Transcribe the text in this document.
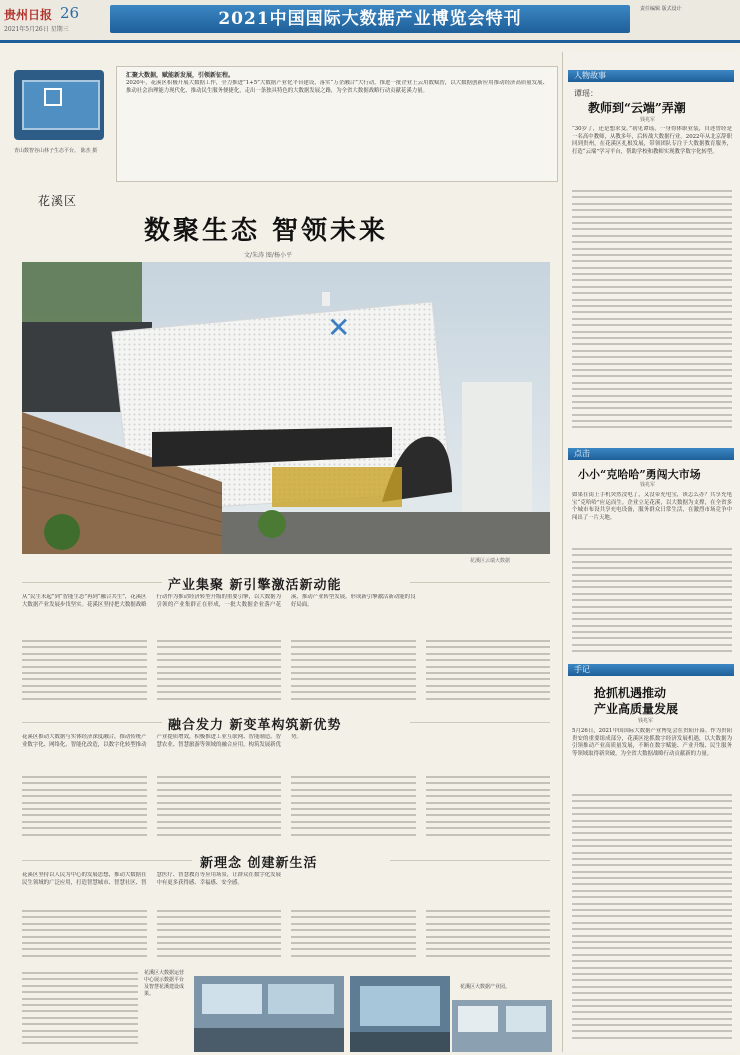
贵州日报 26
2021年5月26日 星期三
2021中国国际大数据产业博览会特刊	责任编辑 版式设计
青山数智谷山林子生态平台。 陈杰 摄
汇聚大数据，赋能新发展，引领新征程。
2020年，花溪区积极开展大数据工作，全力推进“1+5”大数据产业化平台建设，落实“万企融合”大行动，推进一批企业上云用数赋智，以大数据创新应用推动经济高质量发展、推动社会治理能力现代化、推动民生服务便捷化，走出一条独具特色的大数据发展之路，为全省大数据战略行动贡献花溪力量。
花溪区
数聚生态 智领未来
文/朱涛 图/杨小平
✕
花溪区云端大数据
产业集聚 新引擎激活新动能
从“民生未起”到“智能生态”再到“融合共生”，花溪区大数据产业发展步伐坚实。花溪区坚持把大数据战略行动作为推动经济转型升级的重要引擎，以大数据为引领的产业集群正在形成，一批大数据企业落户花溪，推动产业转型发展，形成新引擎激活新动能的良好局面。
融合发力 新变革构筑新优势
花溪区推动大数据与实体经济深度融合，推动传统产业数字化、网络化、智能化改造，以数字化转型推动产业提质增效，积极推进工业互联网、智能制造、智慧农业、智慧旅游等领域的融合应用，构筑发展新优势。
新理念 创建新生活
花溪区坚持以人民为中心的发展思想，推动大数据在民生领域的广泛应用，打造智慧城市、智慧社区、智慧医疗、智慧教育等应用场景，让群众在数字化发展中有更多获得感、幸福感、安全感。
花溪区大数据运营中心展示数据平台及智慧花溪建设成果。
花溪区大数据产业园。
人物故事
谭瑶：
教师到“云端”弄潮
钱兆军
“30岁了，还是想求变。”初见谭瑶，一身得体职业装，自述曾经是一名高中教师，从教多年，后转战大数据行业。2022年从北京辞职回到贵州，在花溪区扎根发展，带领团队专注于大数据教育服务，打造“云端”学习平台，帮助学校和教师实现教学数字化转型。
点击
小小“克哈哈”勇闯大市场
钱兆军
如果在街上手机突然没电了，又没带充电宝，该怎么办？共享充电宝“克哈哈”应运而生。企业立足花溪，以大数据为支撑，在全省多个城市布设共享充电设备，服务群众日常生活，在激烈市场竞争中闯出了一片天地。
手记
抢抓机遇推动
产业高质量发展
钱兆军
5月26日，2021中国国际大数据产业博览会在贵阳开幕。作为贵阳贵安的重要组成部分，花溪区抢抓数字经济发展机遇，以大数据为引领推动产业高质量发展，不断在数字赋能、产业升级、民生服务等领域取得新突破，为全省大数据战略行动贡献新的力量。
